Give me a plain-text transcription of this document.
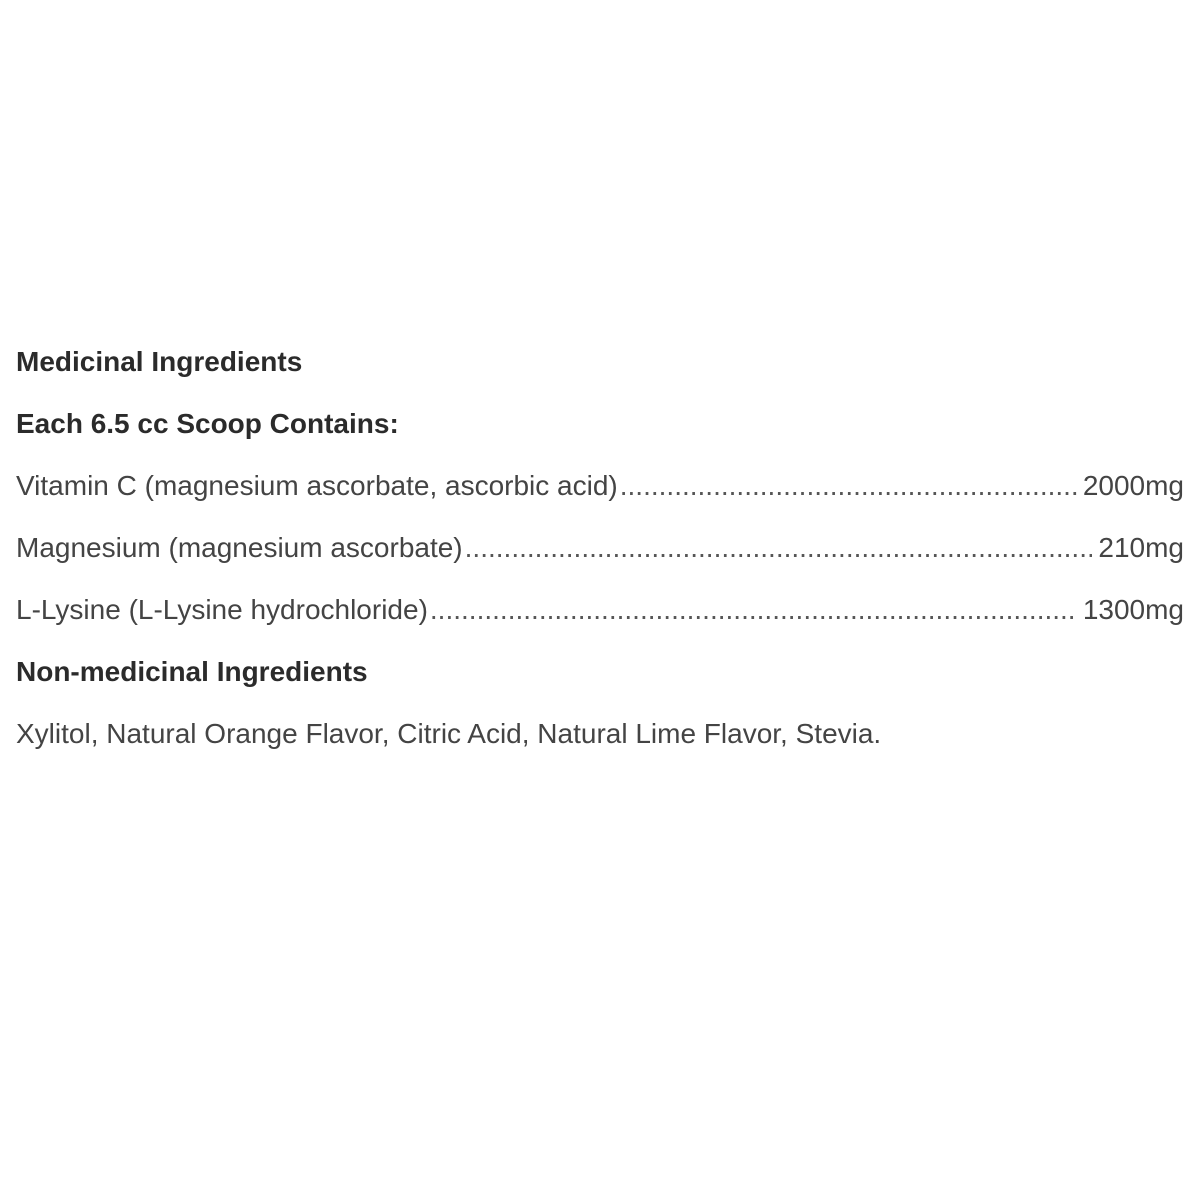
Medicinal Ingredients
Each 6.5 cc Scoop Contains:
Vitamin C (magnesium ascorbate, ascorbic acid) .....	2000mg
Magnesium (magnesium ascorbate) .....	210mg
L-Lysine (L-Lysine hydrochloride) .....	1300mg
Non-medicinal Ingredients
Xylitol, Natural Orange Flavor, Citric Acid, Natural Lime Flavor, Stevia.
